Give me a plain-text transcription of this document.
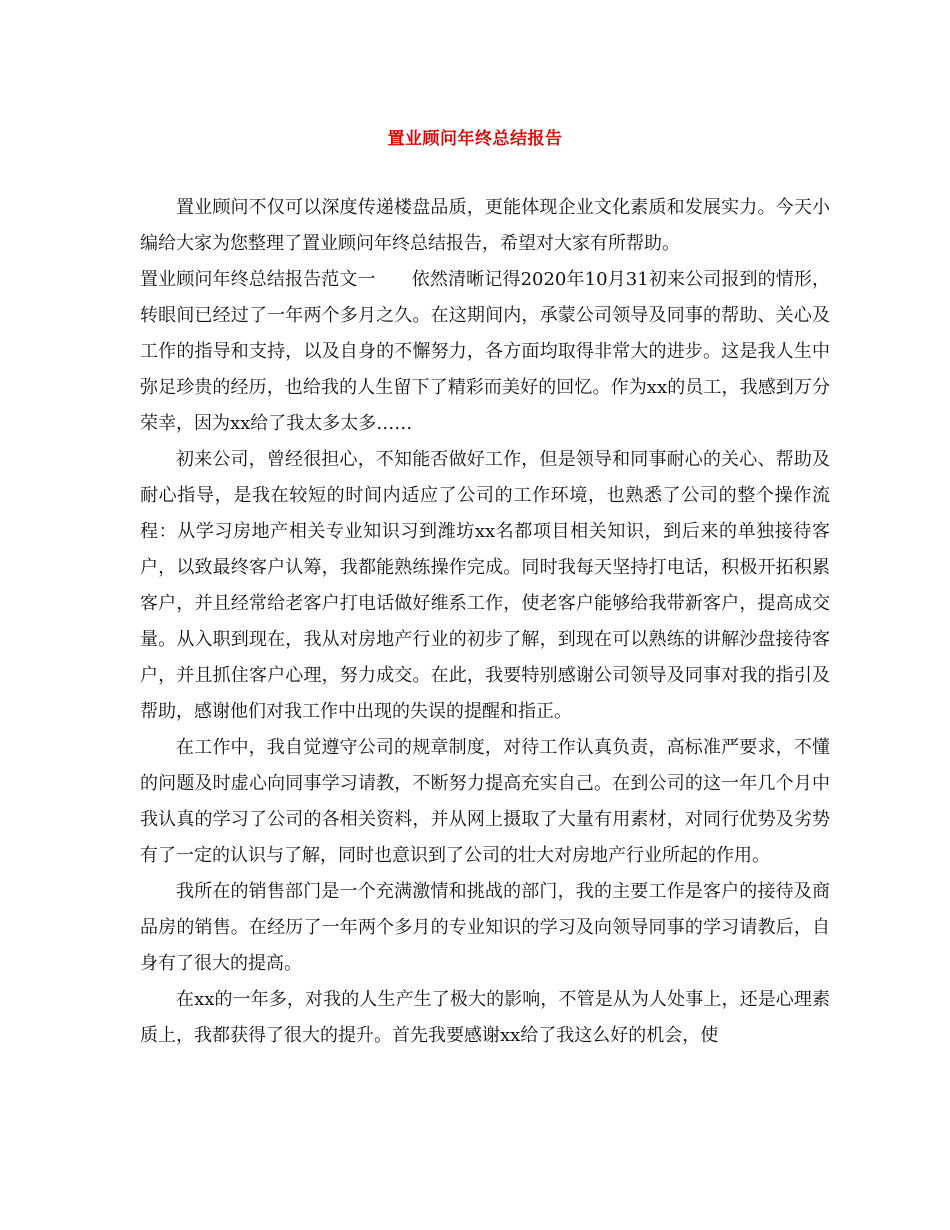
置业顾问年终总结报告

置业顾问不仅可以深度传递楼盘品质，更能体现企业文化素质和发展实力。今天小编给大家为您整理了置业顾问年终总结报告，希望对大家有所帮助。

置业顾问年终总结报告范文一 依然清晰记得2020年10月31初来公司报到的情形，转眼间已经过了一年两个多月之久。在这期间内，承蒙公司领导及同事的帮助、关心及工作的指导和支持，以及自身的不懈努力，各方面均取得非常大的进步。这是我人生中弥足珍贵的经历，也给我的人生留下了精彩而美好的回忆。作为xx的员工，我感到万分荣幸，因为xx给了我太多太多……

初来公司，曾经很担心，不知能否做好工作，但是领导和同事耐心的关心、帮助及耐心指导，是我在较短的时间内适应了公司的工作环境，也熟悉了公司的整个操作流程：从学习房地产相关专业知识习到潍坊xx名都项目相关知识，到后来的单独接待客户，以致最终客户认筹，我都能熟练操作完成。同时我每天坚持打电话，积极开拓积累客户，并且经常给老客户打电话做好维系工作，使老客户能够给我带新客户，提高成交量。从入职到现在，我从对房地产行业的初步了解，到现在可以熟练的讲解沙盘接待客户，并且抓住客户心理，努力成交。在此，我要特别感谢公司领导及同事对我的指引及帮助，感谢他们对我工作中出现的失误的提醒和指正。

在工作中，我自觉遵守公司的规章制度，对待工作认真负责，高标准严要求，不懂的问题及时虚心向同事学习请教，不断努力提高充实自己。在到公司的这一年几个月中我认真的学习了公司的各相关资料，并从网上摄取了大量有用素材，对同行优势及劣势有了一定的认识与了解，同时也意识到了公司的壮大对房地产行业所起的作用。

我所在的销售部门是一个充满激情和挑战的部门，我的主要工作是客户的接待及商品房的销售。在经历了一年两个多月的专业知识的学习及向领导同事的学习请教后，自身有了很大的提高。

在xx的一年多，对我的人生产生了极大的影响，不管是从为人处事上，还是心理素质上，我都获得了很大的提升。首先我要感谢xx给了我这么好的机会，使
